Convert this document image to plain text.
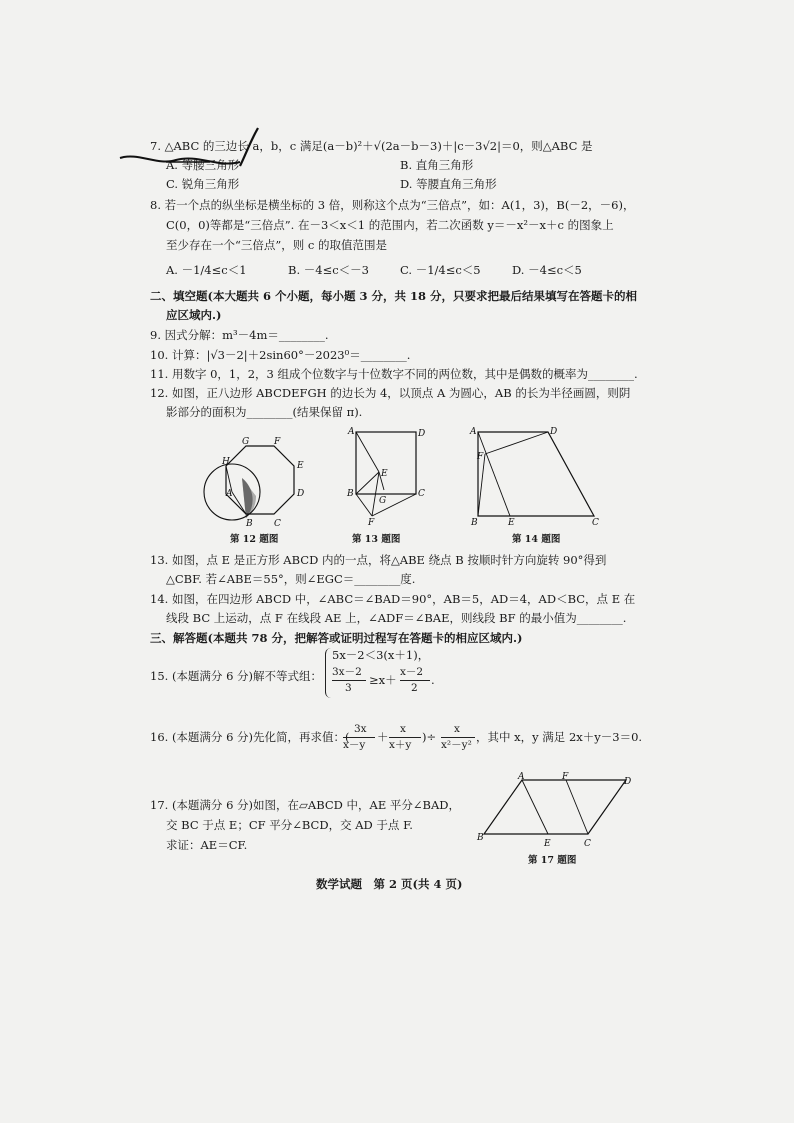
7. △ABC 的三边长 a，b，c 满足(a－b)²＋√(2a－b－3)＋|c－3√2|＝0，则△ABC 是
A. 等腰三角形	B. 直角三角形
C. 锐角三角形	D. 等腰直角三角形
8. 若一个点的纵坐标是横坐标的 3 倍，则称这个点为“三倍点”，如：A(1，3)，B(－2，－6)，
C(0，0)等都是“三倍点”. 在－3＜x＜1 的范围内，若二次函数 y＝－x²－x＋c 的图象上
至少存在一个“三倍点”，则 c 的取值范围是
A. －1/4≤c＜1	B. －4≤c＜－3	C. －1/4≤c＜5	D. －4≤c＜5
二、填空题(本大题共 6 个小题，每小题 3 分，共 18 分，只要求把最后结果填写在答题卡的相
应区域内.)
9. 因式分解：m³－4m＝________.
10. 计算：|√3－2|＋2sin60°－2023⁰＝________.
11. 用数字 0，1，2，3 组成个位数字与十位数字不同的两位数，其中是偶数的概率为________.
12. 如图，正八边形 ABCDEFGH 的边长为 4，以顶点 A 为圆心，AB 的长为半径画圆，则阴
影部分的面积为________(结果保留 π).
G	F
E
D
C
B
H
A
第 12 题图
A	D
E
B
G
C
F
第 13 题图
A	D
F
B	E	C
第 14 题图
13. 如图，点 E 是正方形 ABCD 内的一点，将△ABE 绕点 B 按顺时针方向旋转 90°得到
△CBF. 若∠ABE＝55°，则∠EGC＝________度.
14. 如图，在四边形 ABCD 中，∠ABC＝∠BAD＝90°，AB＝5，AD＝4，AD＜BC，点 E 在
线段 BC 上运动，点 F 在线段 AE 上，∠ADF＝∠BAE，则线段 BF 的最小值为________.
三、解答题(本题共 78 分，把解答或证明过程写在答题卡的相应区域内.)
15. (本题满分 6 分)解不等式组：
5x－2＜3(x＋1)，
3x－2
3
≥x＋
x－2
2
.
16. (本题满分 6 分)先化简，再求值：(
3x
x－y
＋
x
x＋y
)÷
x
x²－y²
，其中 x，y 满足 2x＋y－3＝0.
17. (本题满分 6 分)如图，在▱ABCD 中，AE 平分∠BAD，
交 BC 于点 E；CF 平分∠BCD，交 AD 于点 F.
求证：AE＝CF.
A	F	D
B
E	C
第 17 题图
数学试题　第 2 页(共 4 页)
